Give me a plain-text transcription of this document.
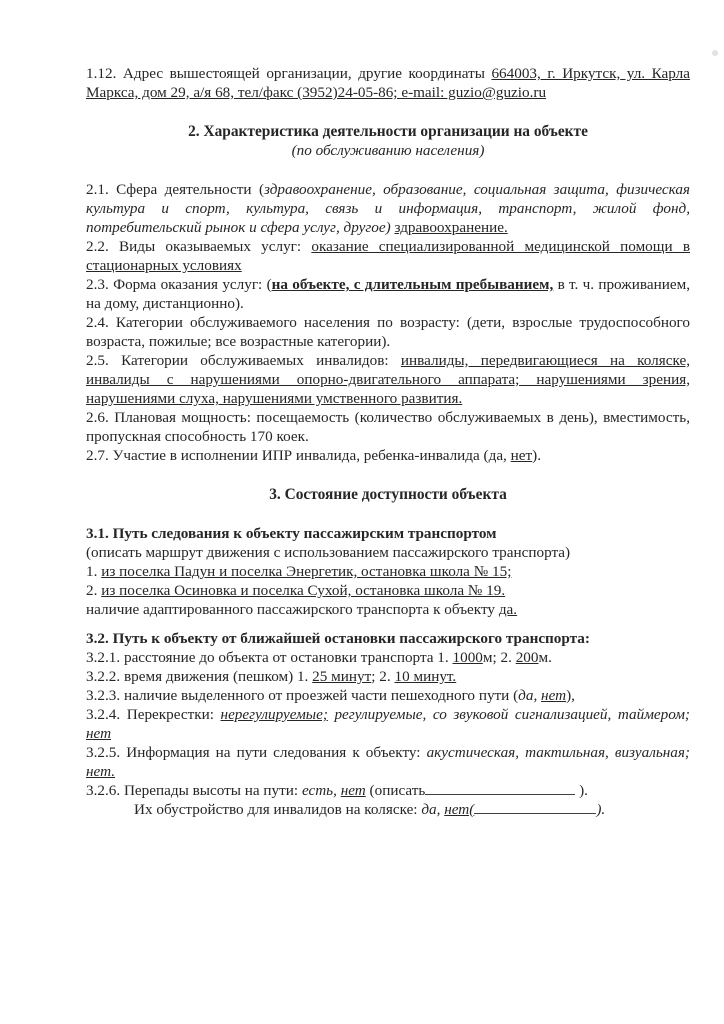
1.12. Адрес вышестоящей организации, другие координаты 664003, г. Иркутск, ул. Карла Маркса, дом 29, а/я 68, тел/факс (3952)24-05-86; e-mail: guzio@guzio.ru

2. Характеристика деятельности организации на объекте

(по обслуживанию населения)

2.1. Сфера деятельности (здравоохранение, образование, социальная защита, физическая культура и спорт, культура, связь и информация, транспорт, жилой фонд, потребительский рынок и сфера услуг, другое) здравоохранение.

2.2. Виды оказываемых услуг: оказание специализированной медицинской помощи в стационарных условиях

2.3. Форма оказания услуг: (на объекте, с длительным пребыванием, в т. ч. проживанием, на дому, дистанционно).

2.4. Категории обслуживаемого населения по возрасту: (дети, взрослые трудоспособного возраста, пожилые; все возрастные категории).

2.5. Категории обслуживаемых инвалидов: инвалиды, передвигающиеся на коляске, инвалиды с нарушениями опорно-двигательного аппарата; нарушениями зрения, нарушениями слуха, нарушениями умственного развития.

2.6. Плановая мощность: посещаемость (количество обслуживаемых в день), вместимость, пропускная способность 170 коек.

2.7. Участие в исполнении ИПР инвалида, ребенка-инвалида (да, нет).

3. Состояние доступности объекта

3.1. Путь следования к объекту пассажирским транспортом

(описать маршрут движения с использованием пассажирского транспорта)

1. из поселка Падун и поселка Энергетик, остановка школа № 15;

2. из поселка Осиновка и поселка Сухой, остановка школа № 19.

наличие адаптированного пассажирского транспорта к объекту да.

3.2. Путь к объекту от ближайшей остановки пассажирского транспорта:

3.2.1. расстояние до объекта от остановки транспорта 1. 1000м; 2. 200м.

3.2.2. время движения (пешком) 1. 25 минут; 2. 10 минут.

3.2.3. наличие выделенного от проезжей части пешеходного пути (да, нет),

3.2.4. Перекрестки: нерегулируемые; регулируемые, со звуковой сигнализацией, таймером; нет

3.2.5. Информация на пути следования к объекту: акустическая, тактильная, визуальная; нет.

3.2.6. Перепады высоты на пути: есть, нет (описать	).

Их обустройство для инвалидов на коляске: да, нет(	).
